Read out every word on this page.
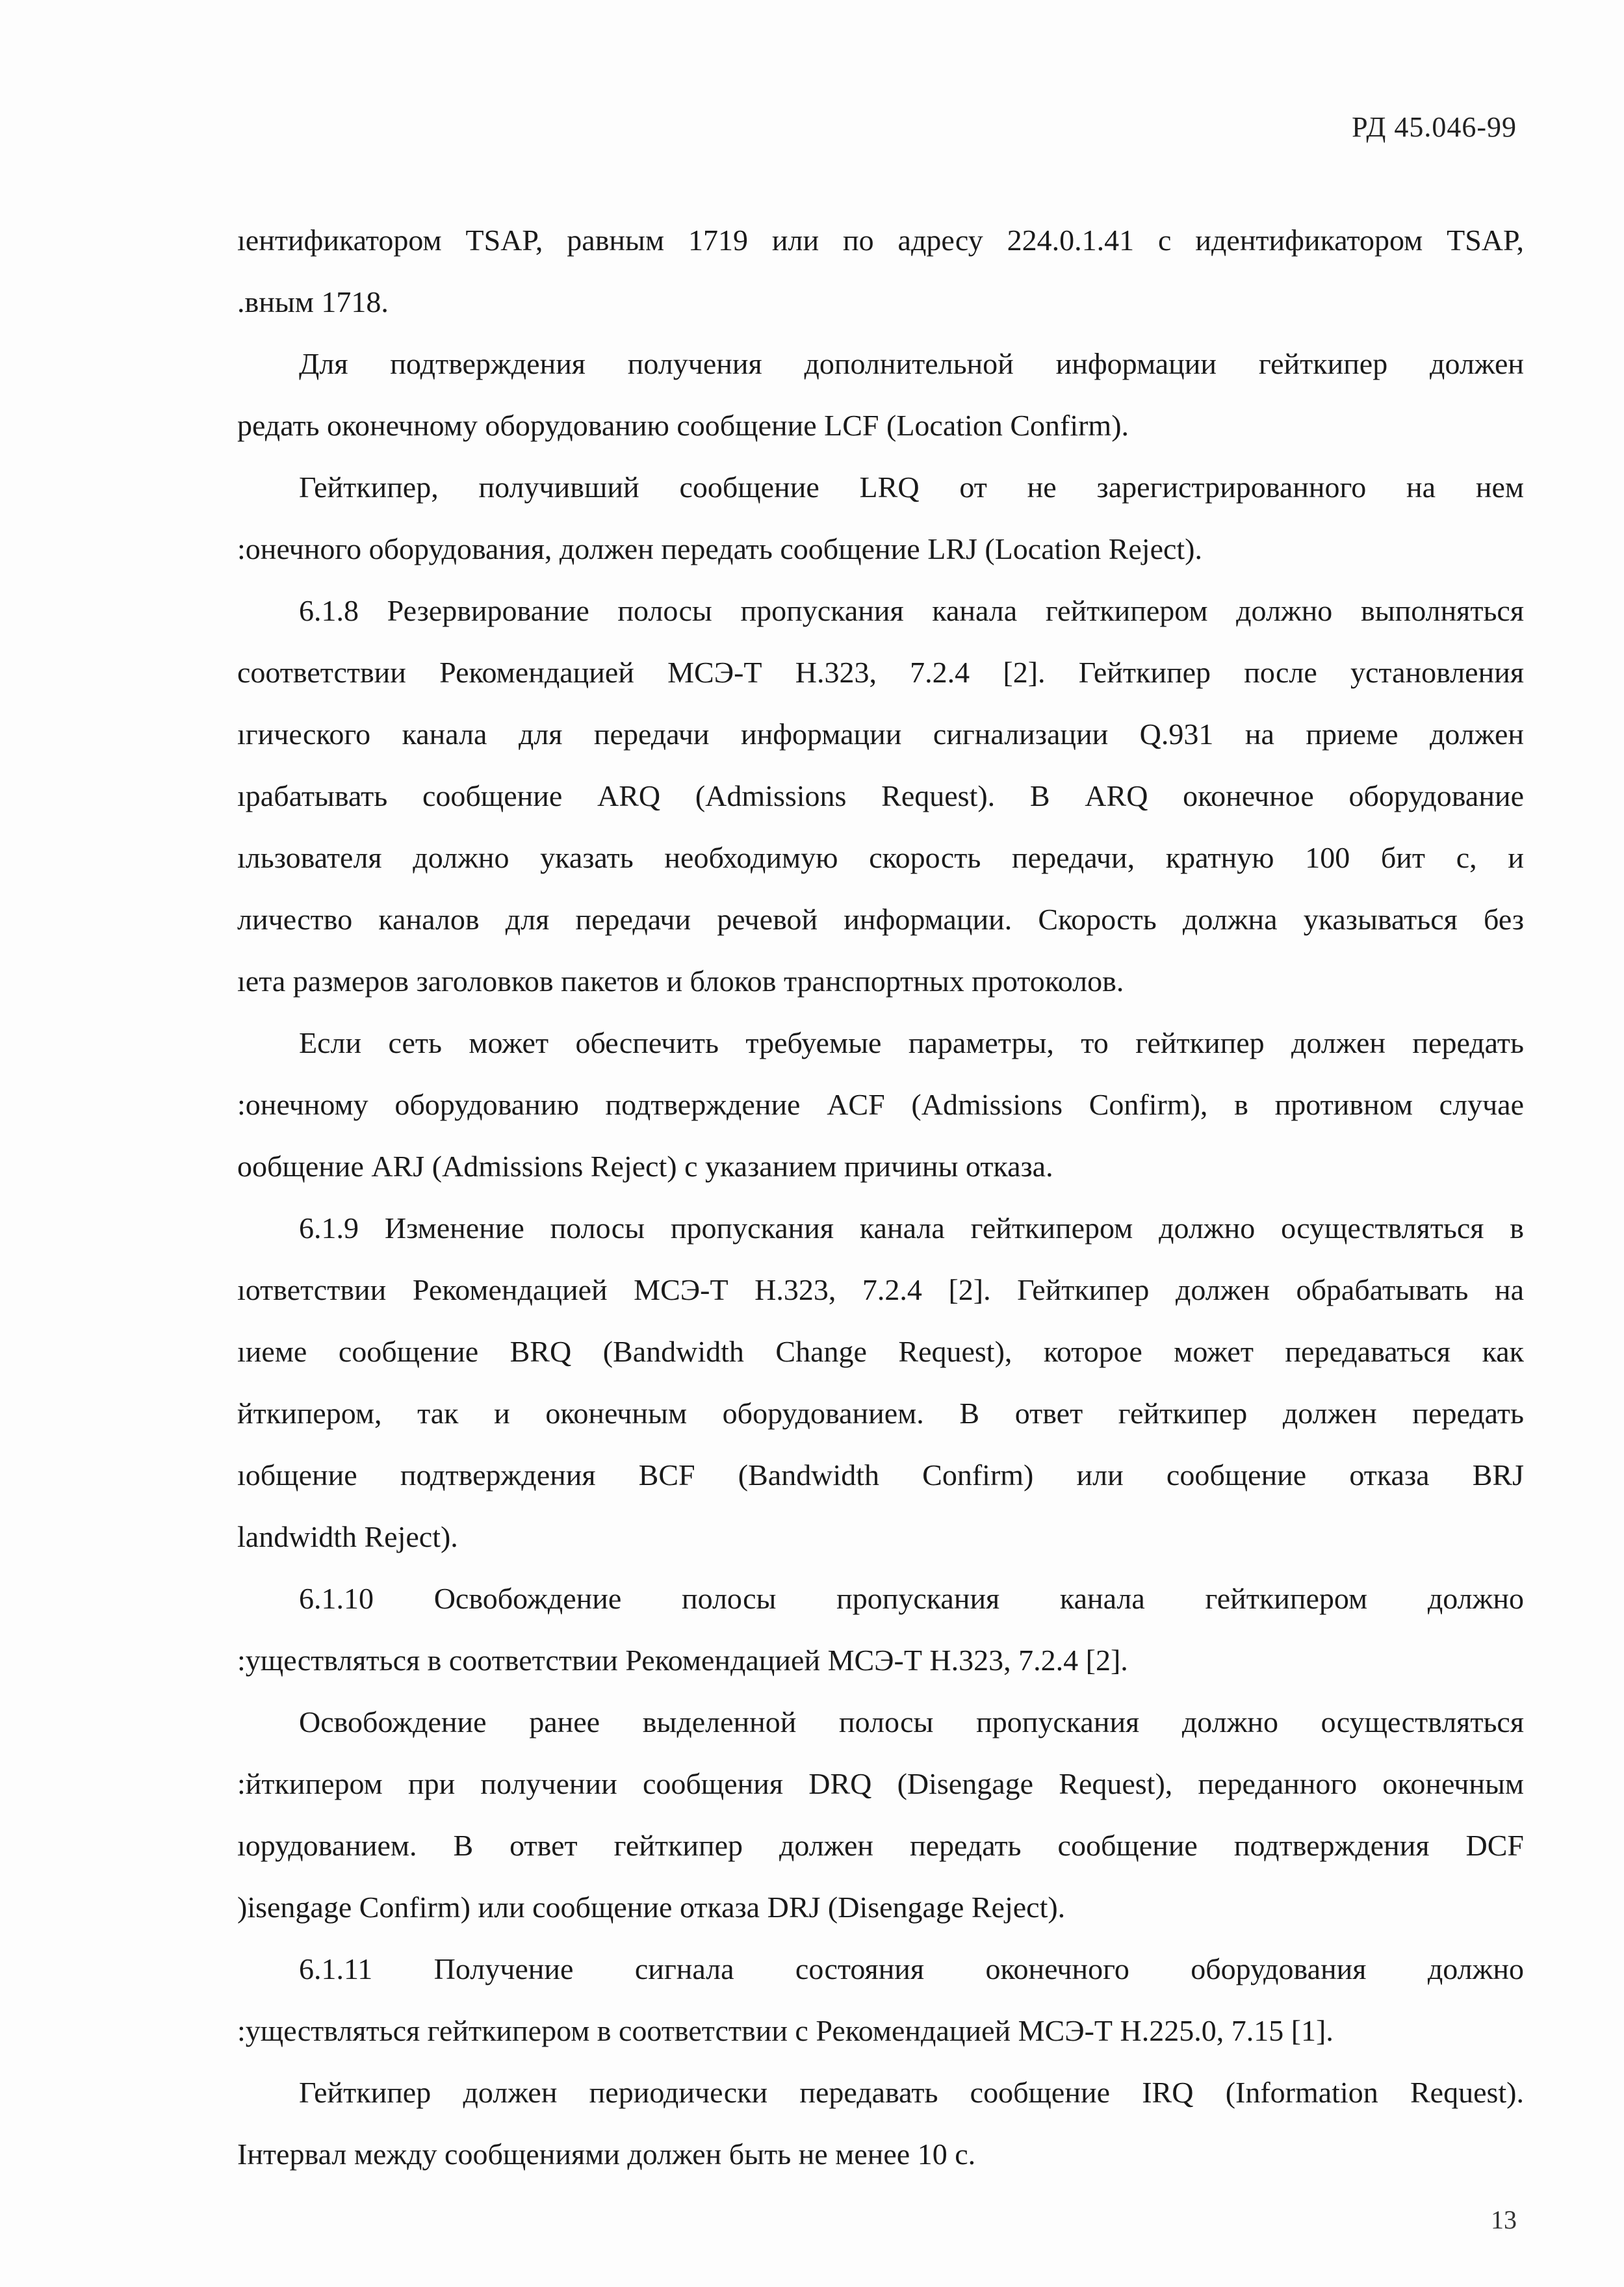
РД 45.046-99
ıентификатором TSAP, равным 1719 или по адресу 224.0.1.41 с идентификатором TSAP,
.вным 1718.
Для подтверждения получения дополнительной информации гейткипер должен
редать оконечному оборудованию сообщение LCF (Location Confirm).
Гейткипер, получивший сообщение LRQ от не зарегистрированного на нем
:онечного оборудования, должен передать сообщение LRJ (Location Reject).
6.1.8 Резервирование полосы пропускания канала гейткипером должно выполняться
соответствии Рекомендацией МСЭ-Т Н.323, 7.2.4 [2]. Гейткипер после установления
ıгического канала для передачи информации сигнализации Q.931 на приеме должен
ıрабатывать сообщение ARQ (Admissions Request). В ARQ оконечное оборудование
ıльзователя должно указать необходимую скорость передачи, кратную 100 бит с, и
личество каналов для передачи речевой информации. Скорость должна указываться без
ıета размеров заголовков пакетов и блоков транспортных протоколов.
Если сеть может обеспечить требуемые параметры, то гейткипер должен передать
:онечному оборудованию подтверждение ACF (Admissions Confirm), в противном случае
ообщение ARJ (Admissions Reject) с указанием причины отказа.
6.1.9 Изменение полосы пропускания канала гейткипером должно осуществляться в
ıответствии Рекомендацией МСЭ-Т Н.323, 7.2.4 [2]. Гейткипер должен обрабатывать на
ıиеме сообщение BRQ (Bandwidth Change Request), которое может передаваться как
йткипером, так и оконечным оборудованием. В ответ гейткипер должен передать
ıобщение подтверждения BCF (Bandwidth Confirm) или сообщение отказа BRJ
landwidth Reject).
6.1.10 Освобождение полосы пропускания канала гейткипером должно
:уществляться в соответствии Рекомендацией МСЭ-Т Н.323, 7.2.4 [2].
Освобождение ранее выделенной полосы пропускания должно осуществляться
:йткипером при получении сообщения DRQ (Disengage Request), переданного оконечным
ıорудованием. В ответ гейткипер должен передать сообщение подтверждения DCF
)isengage Confirm) или сообщение отказа DRJ (Disengage Reject).
6.1.11 Получение сигнала состояния оконечного оборудования должно
:уществляться гейткипером в соответствии с Рекомендацией МСЭ-Т Н.225.0, 7.15 [1].
Гейткипер должен периодически передавать сообщение IRQ (Information Request).
Інтервал между сообщениями должен быть не менее 10 с.
13
